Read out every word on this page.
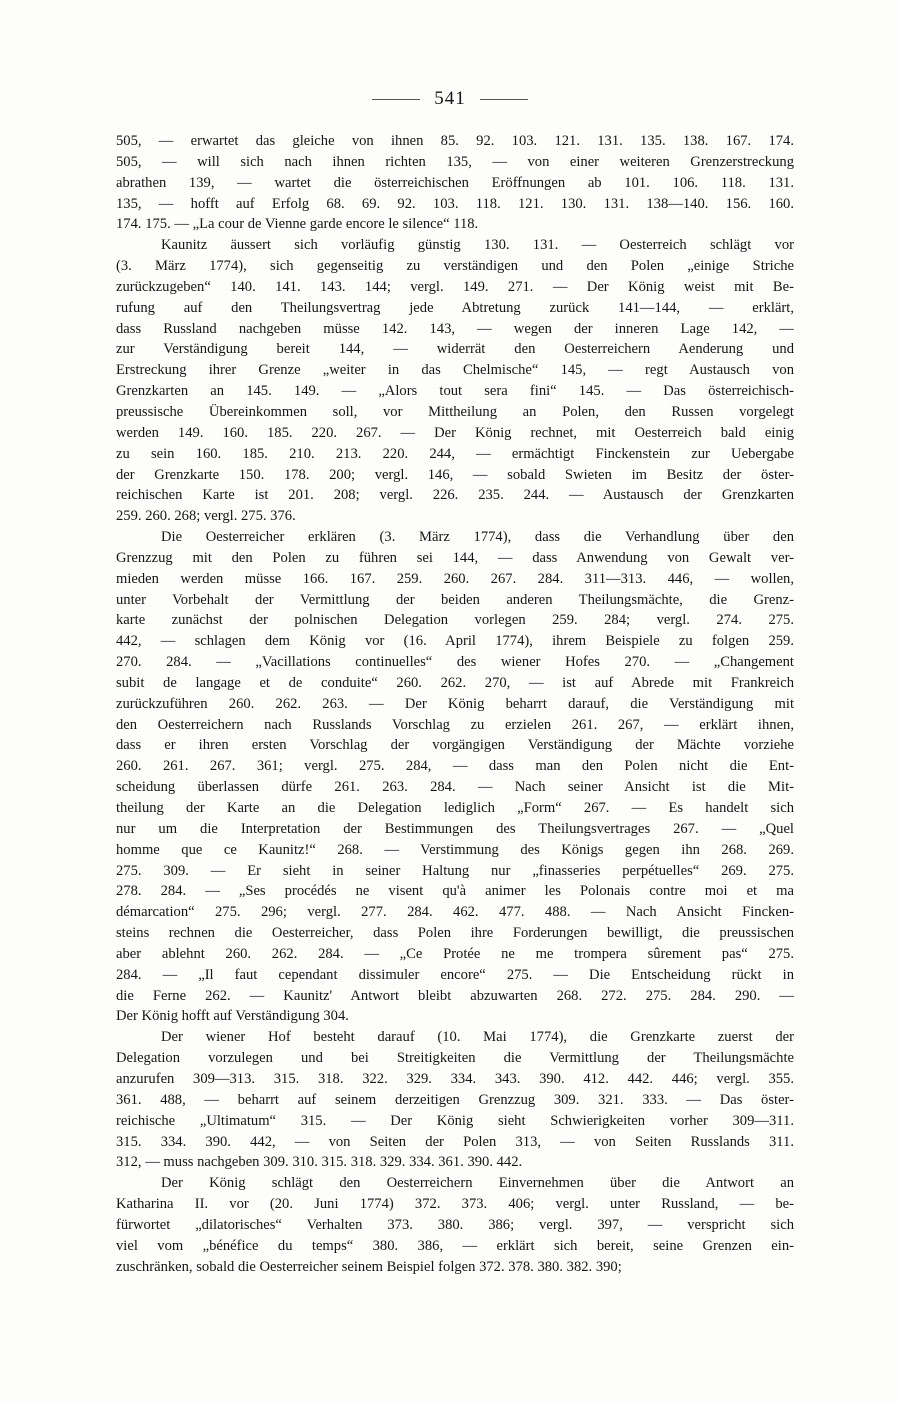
541
505, — erwartet das gleiche von ihnen 85. 92. 103. 121. 131. 135. 138. 167. 174.
505, — will sich nach ihnen richten 135, — von einer weiteren Grenzerstreckung
abrathen 139, — wartet die österreichischen Eröffnungen ab 101. 106. 118. 131.
135, — hofft auf Erfolg 68. 69. 92. 103. 118. 121. 130. 131. 138—140. 156. 160.
174. 175. — „La cour de Vienne garde encore le silence“ 118.
Kaunitz äussert sich vorläufig günstig 130. 131. — Oesterreich schlägt vor
(3. März 1774), sich gegenseitig zu verständigen und den Polen „einige Striche
zurückzugeben“ 140. 141. 143. 144; vergl. 149. 271. — Der König weist mit Be-
rufung auf den Theilungsvertrag jede Abtretung zurück 141—144, — erklärt,
dass Russland nachgeben müsse 142. 143, — wegen der inneren Lage 142, —
zur Verständigung bereit 144, — widerrät den Oesterreichern Aenderung und
Erstreckung ihrer Grenze „weiter in das Chelmische“ 145, — regt Austausch von
Grenzkarten an 145. 149. — „Alors tout sera fini“ 145. — Das österreichisch-
preussische Übereinkommen soll, vor Mittheilung an Polen, den Russen vorgelegt
werden 149. 160. 185. 220. 267. — Der König rechnet, mit Oesterreich bald einig
zu sein 160. 185. 210. 213. 220. 244, — ermächtigt Finckenstein zur Uebergabe
der Grenzkarte 150. 178. 200; vergl. 146, — sobald Swieten im Besitz der öster-
reichischen Karte ist 201. 208; vergl. 226. 235. 244. — Austausch der Grenzkarten
259. 260. 268; vergl. 275. 376.
Die Oesterreicher erklären (3. März 1774), dass die Verhandlung über den
Grenzzug mit den Polen zu führen sei 144, — dass Anwendung von Gewalt ver-
mieden werden müsse 166. 167. 259. 260. 267. 284. 311—313. 446, — wollen,
unter Vorbehalt der Vermittlung der beiden anderen Theilungsmächte, die Grenz-
karte zunächst der polnischen Delegation vorlegen 259. 284; vergl. 274. 275.
442, — schlagen dem König vor (16. April 1774), ihrem Beispiele zu folgen 259.
270. 284. — „Vacillations continuelles“ des wiener Hofes 270. — „Changement
subit de langage et de conduite“ 260. 262. 270, — ist auf Abrede mit Frankreich
zurückzuführen 260. 262. 263. — Der König beharrt darauf, die Verständigung mit
den Oesterreichern nach Russlands Vorschlag zu erzielen 261. 267, — erklärt ihnen,
dass er ihren ersten Vorschlag der vorgängigen Verständigung der Mächte vorziehe
260. 261. 267. 361; vergl. 275. 284, — dass man den Polen nicht die Ent-
scheidung überlassen dürfe 261. 263. 284. — Nach seiner Ansicht ist die Mit-
theilung der Karte an die Delegation lediglich „Form“ 267. — Es handelt sich
nur um die Interpretation der Bestimmungen des Theilungsvertrages 267. — „Quel
homme que ce Kaunitz!“ 268. — Verstimmung des Königs gegen ihn 268. 269.
275. 309. — Er sieht in seiner Haltung nur „finasseries perpétuelles“ 269. 275.
278. 284. — „Ses procédés ne visent qu'à animer les Polonais contre moi et ma
démarcation“ 275. 296; vergl. 277. 284. 462. 477. 488. — Nach Ansicht Fincken-
steins rechnen die Oesterreicher, dass Polen ihre Forderungen bewilligt, die preussischen
aber ablehnt 260. 262. 284. — „Ce Protée ne me trompera sûrement pas“ 275.
284. — „Il faut cependant dissimuler encore“ 275. — Die Entscheidung rückt in
die Ferne 262. — Kaunitz' Antwort bleibt abzuwarten 268. 272. 275. 284. 290. —
Der König hofft auf Verständigung 304.
Der wiener Hof besteht darauf (10. Mai 1774), die Grenzkarte zuerst der
Delegation vorzulegen und bei Streitigkeiten die Vermittlung der Theilungsmächte
anzurufen 309—313. 315. 318. 322. 329. 334. 343. 390. 412. 442. 446; vergl. 355.
361. 488, — beharrt auf seinem derzeitigen Grenzzug 309. 321. 333. — Das öster-
reichische „Ultimatum“ 315. — Der König sieht Schwierigkeiten vorher 309—311.
315. 334. 390. 442, — von Seiten der Polen 313, — von Seiten Russlands 311.
312, — muss nachgeben 309. 310. 315. 318. 329. 334. 361. 390. 442.
Der König schlägt den Oesterreichern Einvernehmen über die Antwort an
Katharina II. vor (20. Juni 1774) 372. 373. 406; vergl. unter Russland, — be-
fürwortet „dilatorisches“ Verhalten 373. 380. 386; vergl. 397, — verspricht sich
viel vom „bénéfice du temps“ 380. 386, — erklärt sich bereit, seine Grenzen ein-
zuschränken, sobald die Oesterreicher seinem Beispiel folgen 372. 378. 380. 382. 390;
